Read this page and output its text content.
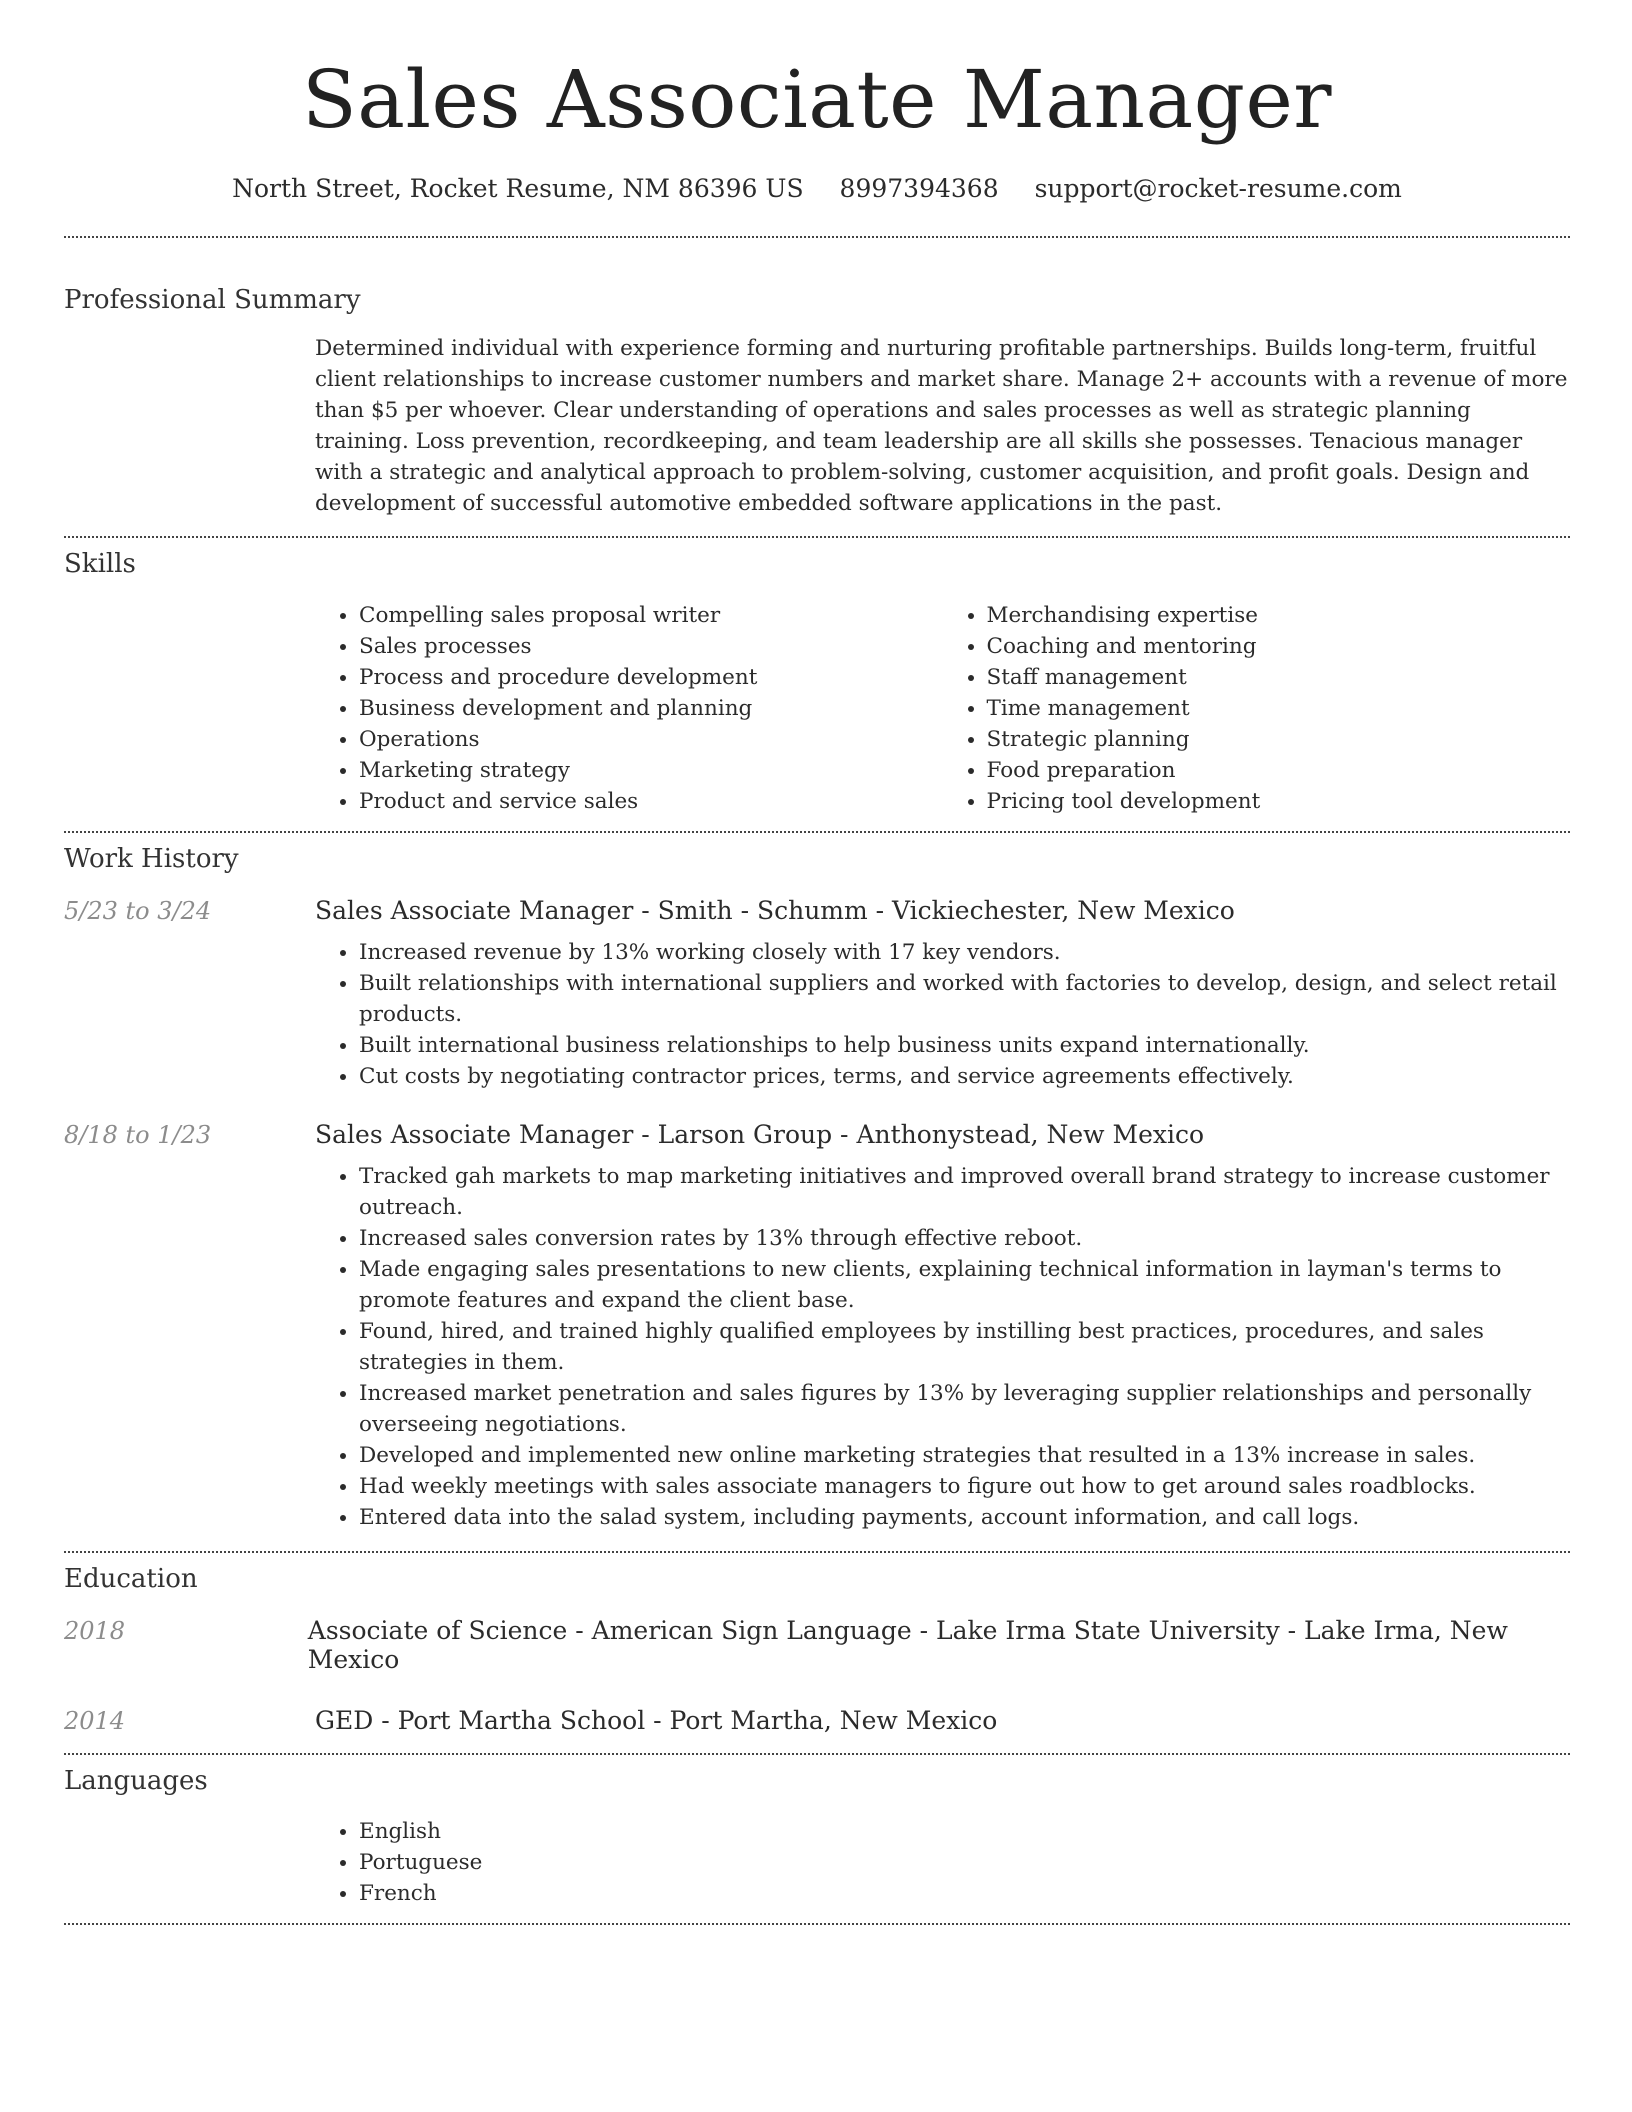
Sales Associate Manager
North Street, Rocket Resume, NM 86396 US 8997394368 support@rocket-resume.com
Professional Summary

Determined individual with experience forming and nurturing profitable partnerships. Builds long-term, fruitful client relationships to increase customer numbers and market share. Manage 2+ accounts with a revenue of more than $5 per whoever. Clear understanding of operations and sales processes as well as strategic planning training. Loss prevention, recordkeeping, and team leadership are all skills she possesses. Tenacious manager with a strategic and analytical approach to problem-solving, customer acquisition, and profit goals. Design and development of successful automotive embedded software applications in the past.

Skills
• Compelling sales proposal writer
• Sales processes
• Process and procedure development
• Business development and planning
• Operations
• Marketing strategy
• Product and service sales
• Merchandising expertise
• Coaching and mentoring
• Staff management
• Time management
• Strategic planning
• Food preparation
• Pricing tool development
Work History
5/23 to 3/24	Sales Associate Manager - Smith - Schumm - Vickiechester, New Mexico
• Increased revenue by 13% working closely with 17 key vendors.
• Built relationships with international suppliers and worked with factories to develop, design, and select retail products.
• Built international business relationships to help business units expand internationally.
• Cut costs by negotiating contractor prices, terms, and service agreements effectively.
8/18 to 1/23	Sales Associate Manager - Larson Group - Anthonystead, New Mexico
• Tracked gah markets to map marketing initiatives and improved overall brand strategy to increase customer outreach.
• Increased sales conversion rates by 13% through effective reboot.
• Made engaging sales presentations to new clients, explaining technical information in layman's terms to promote features and expand the client base.
• Found, hired, and trained highly qualified employees by instilling best practices, procedures, and sales strategies in them.
• Increased market penetration and sales figures by 13% by leveraging supplier relationships and personally overseeing negotiations.
• Developed and implemented new online marketing strategies that resulted in a 13% increase in sales.
• Had weekly meetings with sales associate managers to figure out how to get around sales roadblocks.
• Entered data into the salad system, including payments, account information, and call logs.
Education
2018	Associate of Science - American Sign Language - Lake Irma State University - Lake Irma, New Mexico
2014	GED - Port Martha School - Port Martha, New Mexico
Languages
• English
• Portuguese
• French
